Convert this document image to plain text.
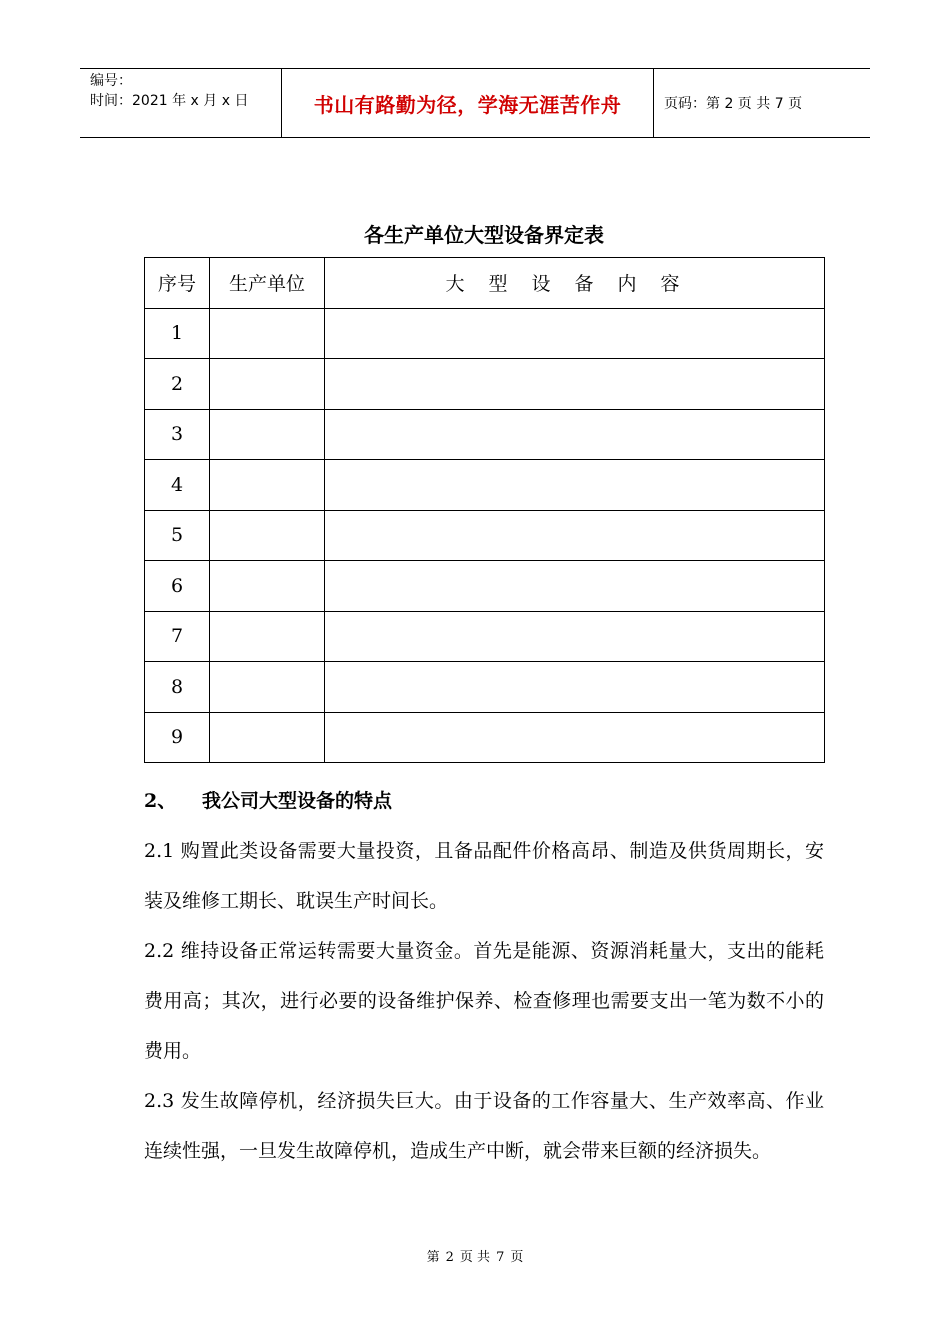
编号：
时间：2021 年 x 月 x 日	书山有路勤为径，学海无涯苦作舟	页码：第 2 页 共 7 页
各生产单位大型设备界定表
序号	生产单位	大型设备内容
1		
2		
3		
4		
5		
6		
7		
8		
9		
2、 我公司大型设备的特点

2.1 购置此类设备需要大量投资，且备品配件价格高昂、制造及供货周期长，安装及维修工期长、耽误生产时间长。

2.2 维持设备正常运转需要大量资金。首先是能源、资源消耗量大，支出的能耗费用高；其次，进行必要的设备维护保养、检查修理也需要支出一笔为数不小的费用。

2.3 发生故障停机，经济损失巨大。由于设备的工作容量大、生产效率高、作业连续性强，一旦发生故障停机，造成生产中断，就会带来巨额的经济损失。

第 2 页 共 7 页
